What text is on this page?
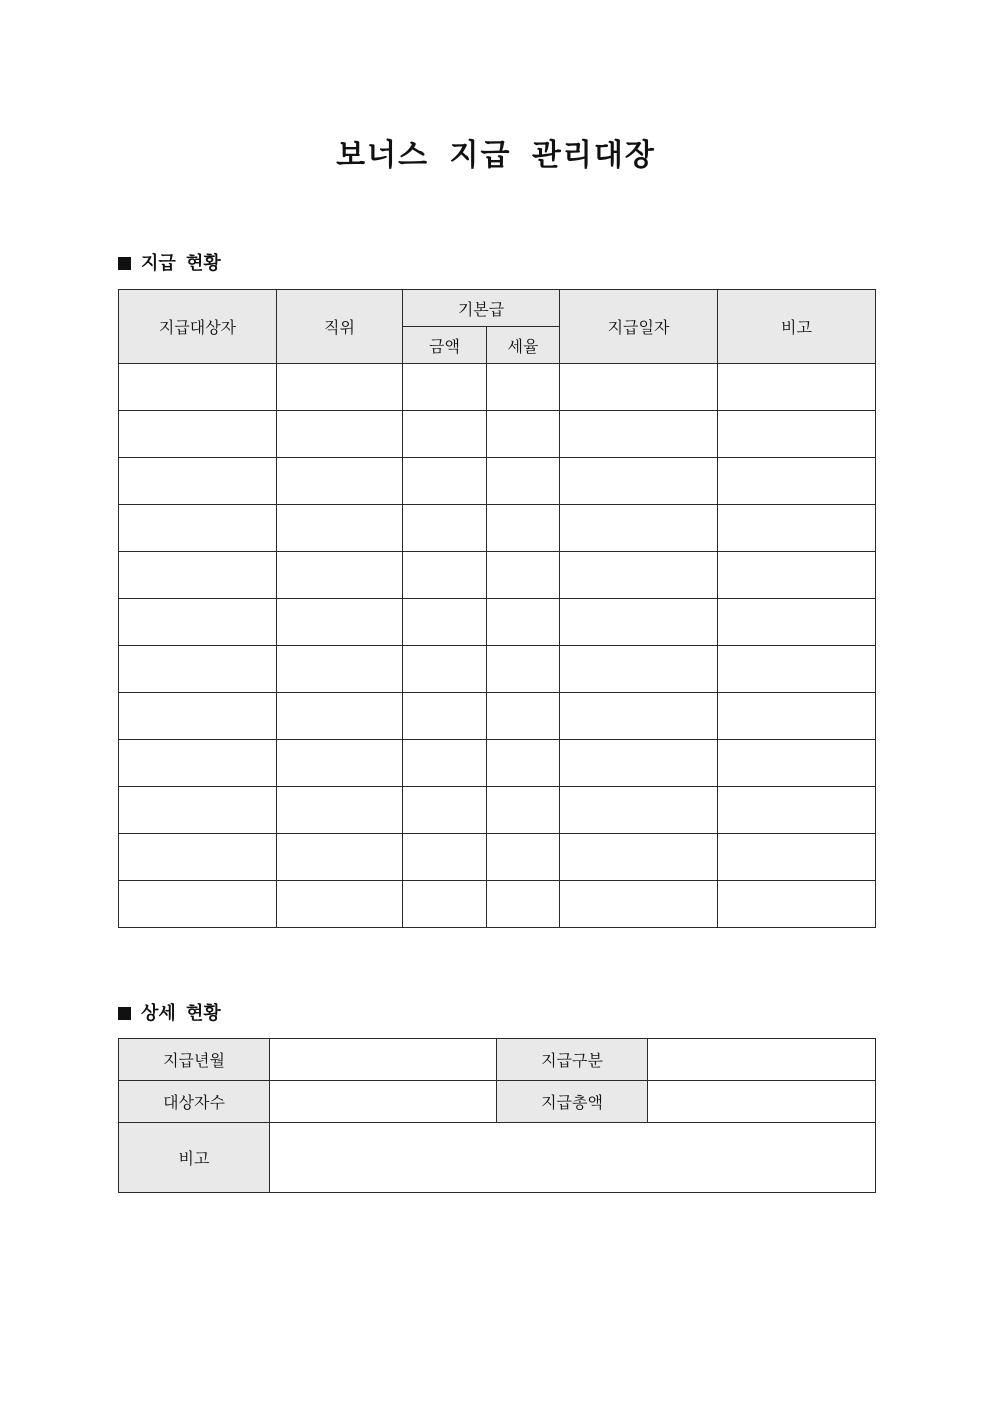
보너스 지급 관리대장
지급 현황
지급대상자	직위	기본급		지급일자	비고
		금액	세율		

상세 현황
지급년월		지급구분	

대상자수		지급총액	

비고			
